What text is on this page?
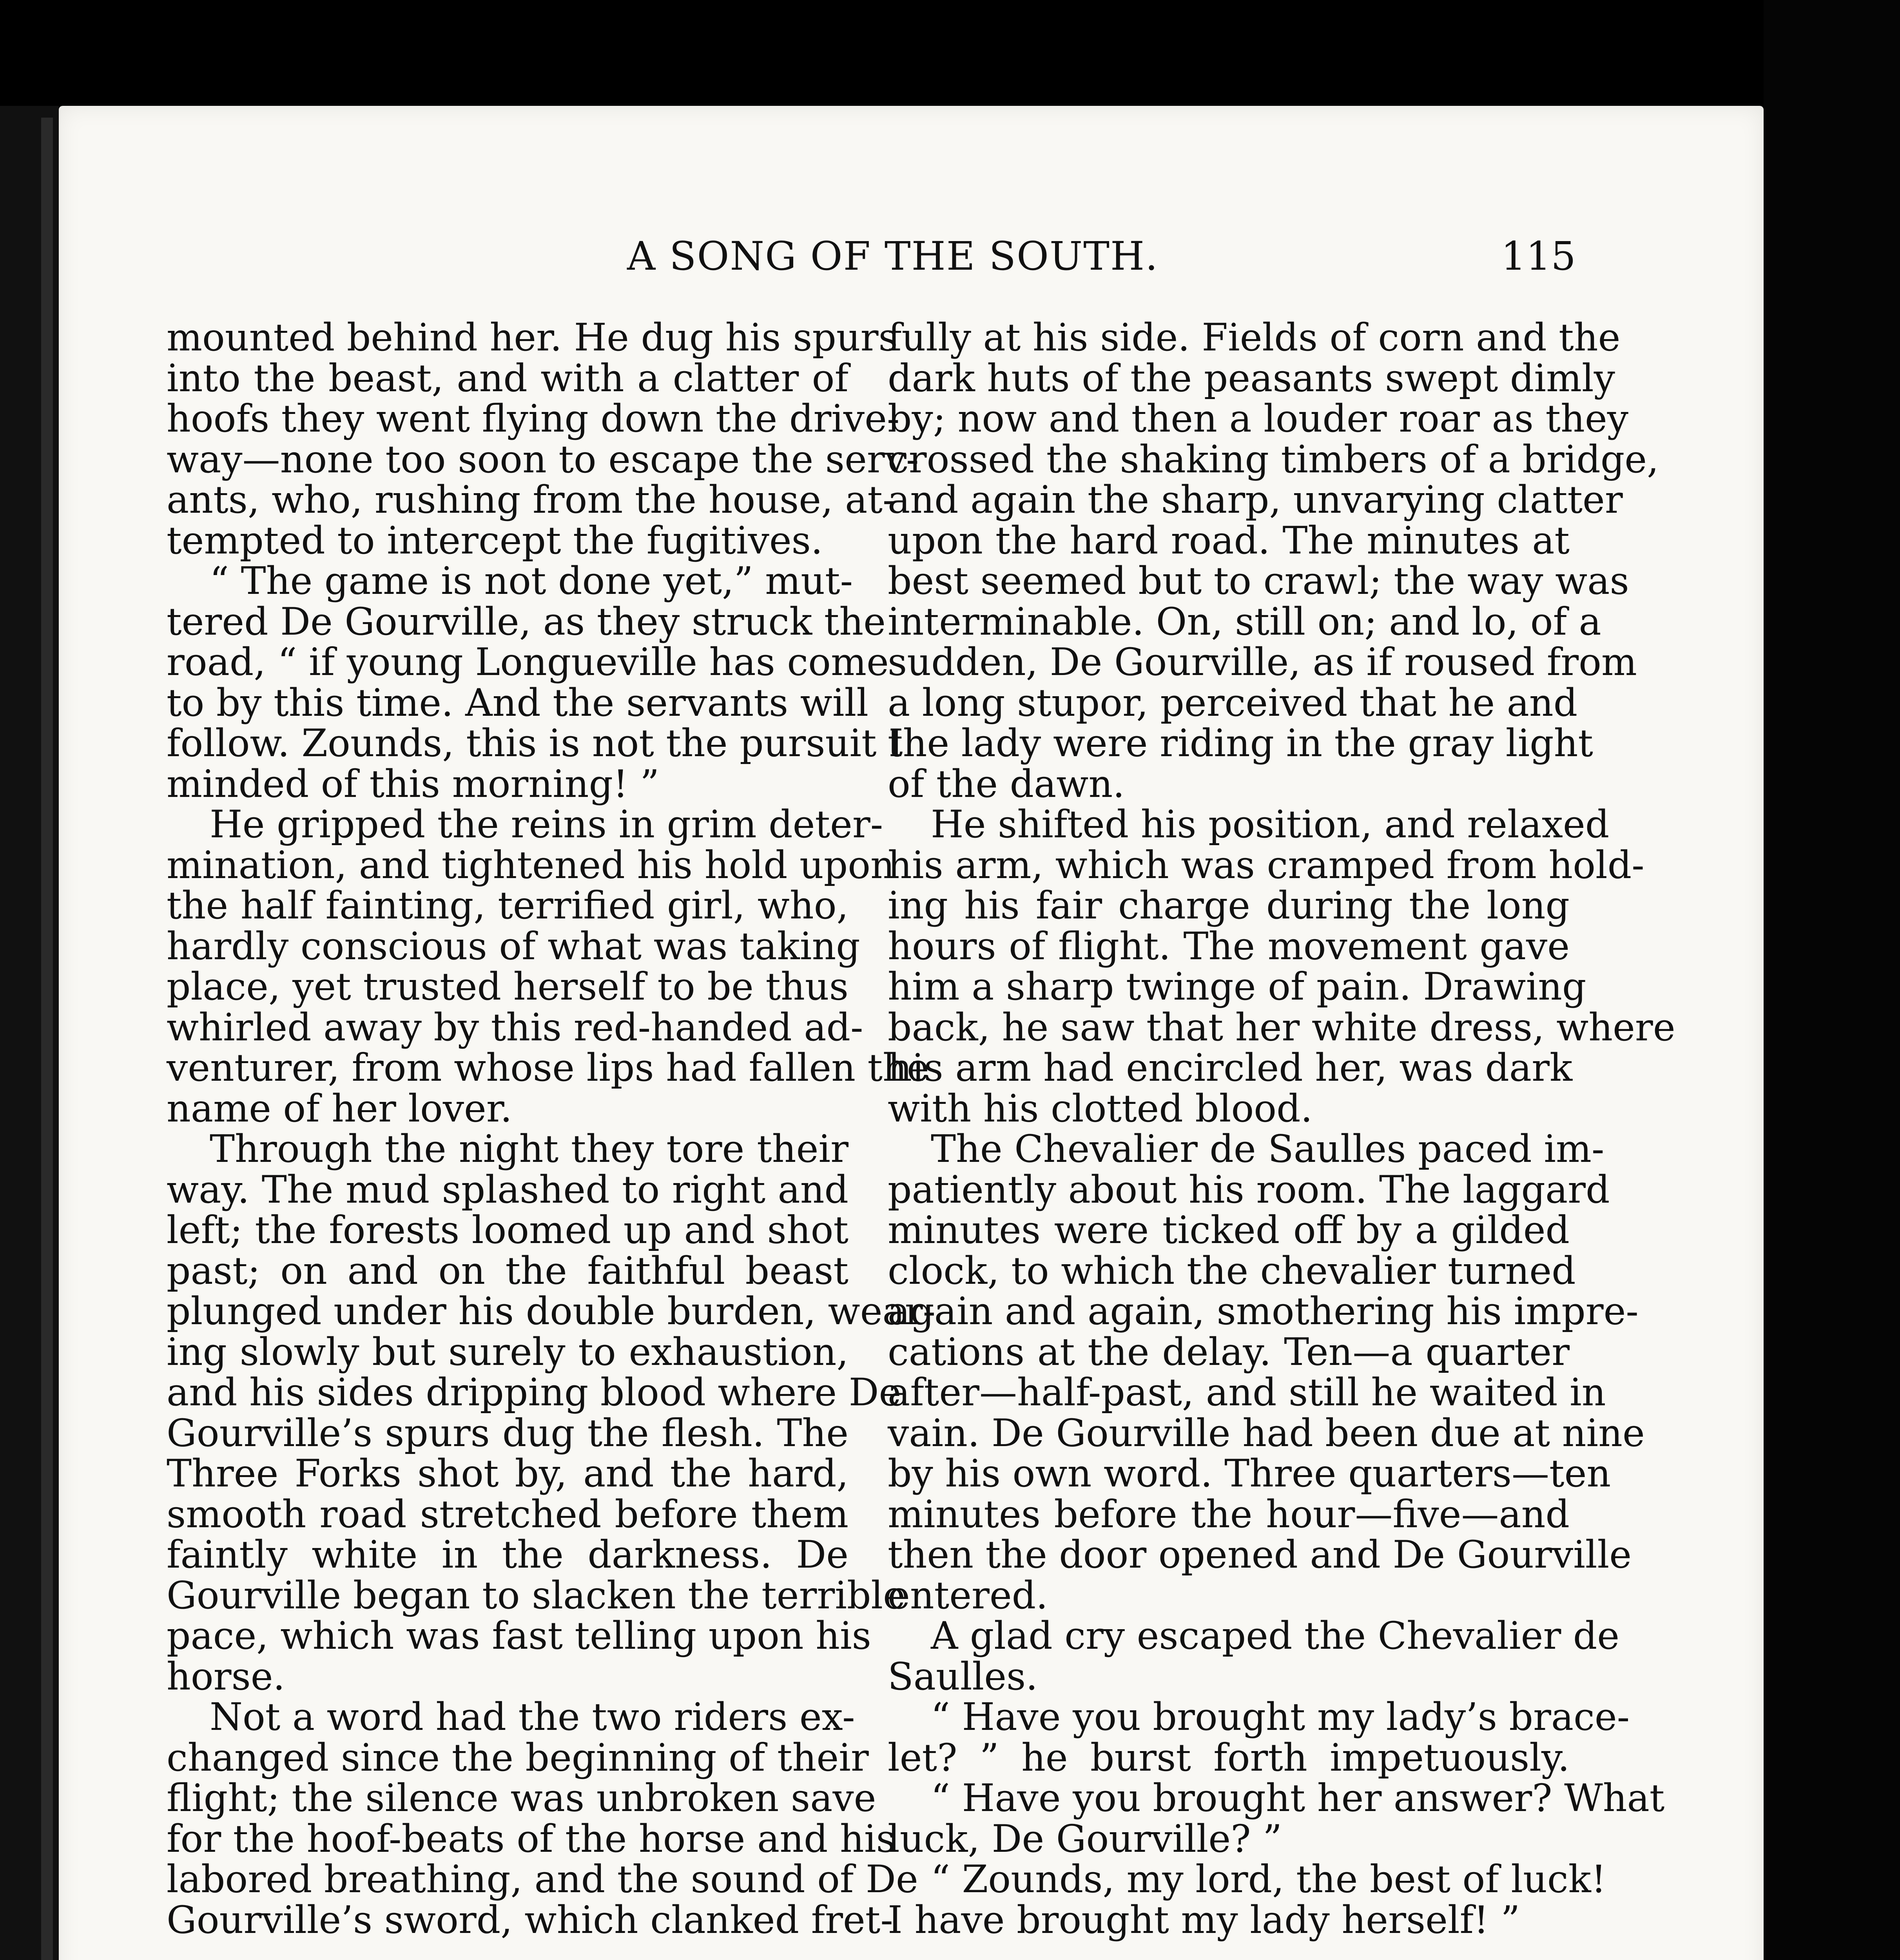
A SONG OF THE SOUTH.	115
mounted behind her. He dug his spurs
into the beast, and with a clatter of
hoofs they went flying down the drive-
way—none too soon to escape the serv-
ants, who, rushing from the house, at-
tempted to intercept the fugitives.
“ The game is not done yet,” mut-
tered De Gourville, as they struck the
road, “ if young Longueville has come
to by this time. And the servants will
follow. Zounds, this is not the pursuit I
minded of this morning! ”
He gripped the reins in grim deter-
mination, and tightened his hold upon
the half fainting, terrified girl, who,
hardly conscious of what was taking
place, yet trusted herself to be thus
whirled away by this red-handed ad-
venturer, from whose lips had fallen the
name of her lover.
Through the night they tore their
way. The mud splashed to right and
left; the forests loomed up and shot
past; on and on the faithful beast
plunged under his double burden, wear-
ing slowly but surely to exhaustion,
and his sides dripping blood where De
Gourville’s spurs dug the flesh. The
Three Forks shot by, and the hard,
smooth road stretched before them
faintly white in the darkness. De
Gourville began to slacken the terrible
pace, which was fast telling upon his
horse.
Not a word had the two riders ex-
changed since the beginning of their
flight; the silence was unbroken save
for the hoof-beats of the horse and his
labored breathing, and the sound of De
Gourville’s sword, which clanked fret-
fully at his side. Fields of corn and the
dark huts of the peasants swept dimly
by; now and then a louder roar as they
crossed the shaking timbers of a bridge,
and again the sharp, unvarying clatter
upon the hard road. The minutes at
best seemed but to crawl; the way was
interminable. On, still on; and lo, of a
sudden, De Gourville, as if roused from
a long stupor, perceived that he and
the lady were riding in the gray light
of the dawn.
He shifted his position, and relaxed
his arm, which was cramped from hold-
ing his fair charge during the long
hours of flight. The movement gave
him a sharp twinge of pain. Drawing
back, he saw that her white dress, where
his arm had encircled her, was dark
with his clotted blood.
The Chevalier de Saulles paced im-
patiently about his room. The laggard
minutes were ticked off by a gilded
clock, to which the chevalier turned
again and again, smothering his impre-
cations at the delay. Ten—a quarter
after—half-past, and still he waited in
vain. De Gourville had been due at nine
by his own word. Three quarters—ten
minutes before the hour—five—and
then the door opened and De Gourville
entered.
A glad cry escaped the Chevalier de
Saulles.
“ Have you brought my lady’s brace-
let? ” he burst forth impetuously.
“ Have you brought her answer? What
luck, De Gourville? ”
“ Zounds, my lord, the best of luck!
I have brought my lady herself! ”
